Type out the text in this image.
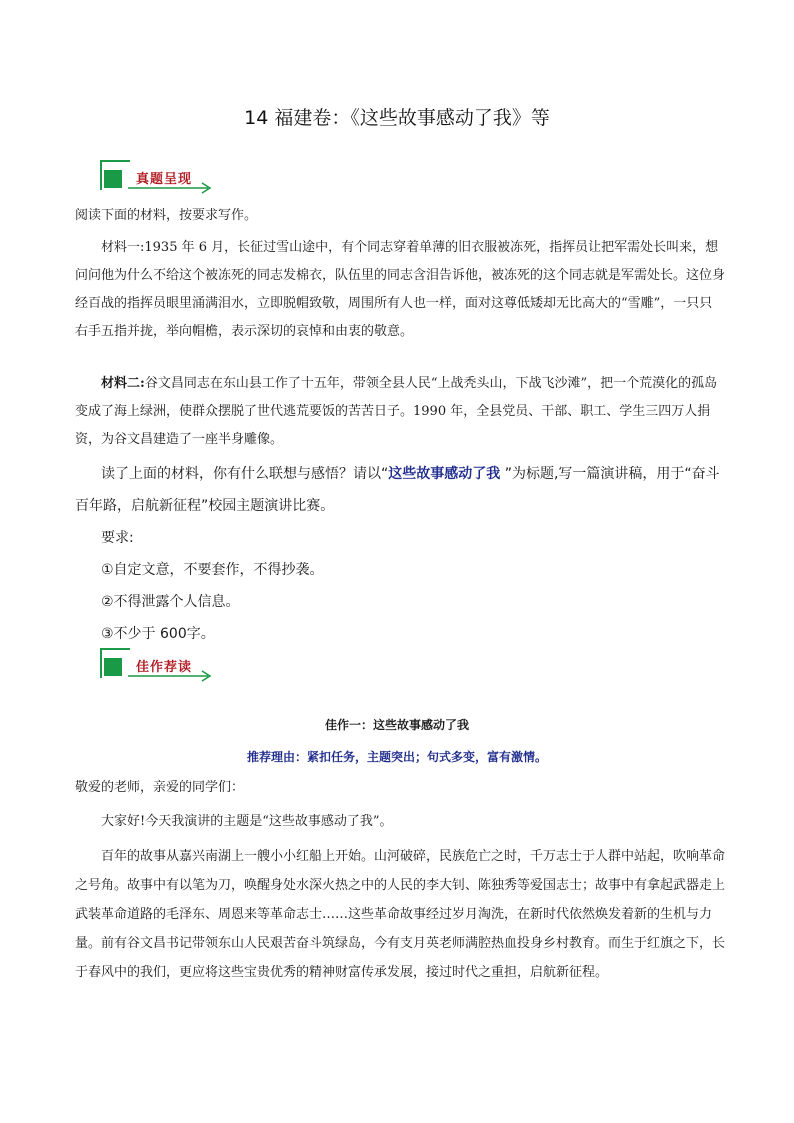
14 福建卷：《这些故事感动了我》等
真题呈现
阅读下面的材料，按要求写作。
材料一:1935 年 6 月，长征过雪山途中，有个同志穿着单薄的旧衣服被冻死，指挥员让把军需处长叫来，想问问他为什么不给这个被冻死的同志发棉衣，队伍里的同志含泪告诉他，被冻死的这个同志就是军需处长。这位身经百战的指挥员眼里涌满泪水，立即脱帽致敬，周围所有人也一样，面对这尊低矮却无比高大的“雪雕”，一只只右手五指并拢，举向帽檐，表示深切的哀悼和由衷的敬意。
材料二:谷文昌同志在东山县工作了十五年，带领全县人民“上战秃头山，下战飞沙滩”，把一个荒漠化的孤岛变成了海上绿洲，使群众摆脱了世代逃荒要饭的苦苦日子。1990 年，全县党员、干部、职工、学生三四万人捐资，为谷文昌建造了一座半身雕像。
读了上面的材料，你有什么联想与感悟？请以“这些故事感动了我 ”为标题,写一篇演讲稿，用于“奋斗百年路，启航新征程”校园主题演讲比赛。
要求:
①自定文意，不要套作，不得抄袭。
②不得泄露个人信息。
③不少于 600字。
佳作荐读
佳作一：这些故事感动了我
推荐理由：紧扣任务，主题突出；句式多变，富有激情。
敬爱的老师，亲爱的同学们：
大家好!今天我演讲的主题是“这些故事感动了我”。
百年的故事从嘉兴南湖上一艘小小红船上开始。山河破碎，民族危亡之时，千万志士于人群中站起，吹响革命之号角。故事中有以笔为刀，唤醒身处水深火热之中的人民的李大钊、陈独秀等爱国志士；故事中有拿起武器走上武装革命道路的毛泽东、周恩来等革命志士……这些革命故事经过岁月淘洗，在新时代依然焕发着新的生机与力量。前有谷文昌书记带领东山人民艰苦奋斗筑绿岛，今有支月英老师满腔热血投身乡村教育。而生于红旗之下，长于春风中的我们，更应将这些宝贵优秀的精神财富传承发展，接过时代之重担，启航新征程。
